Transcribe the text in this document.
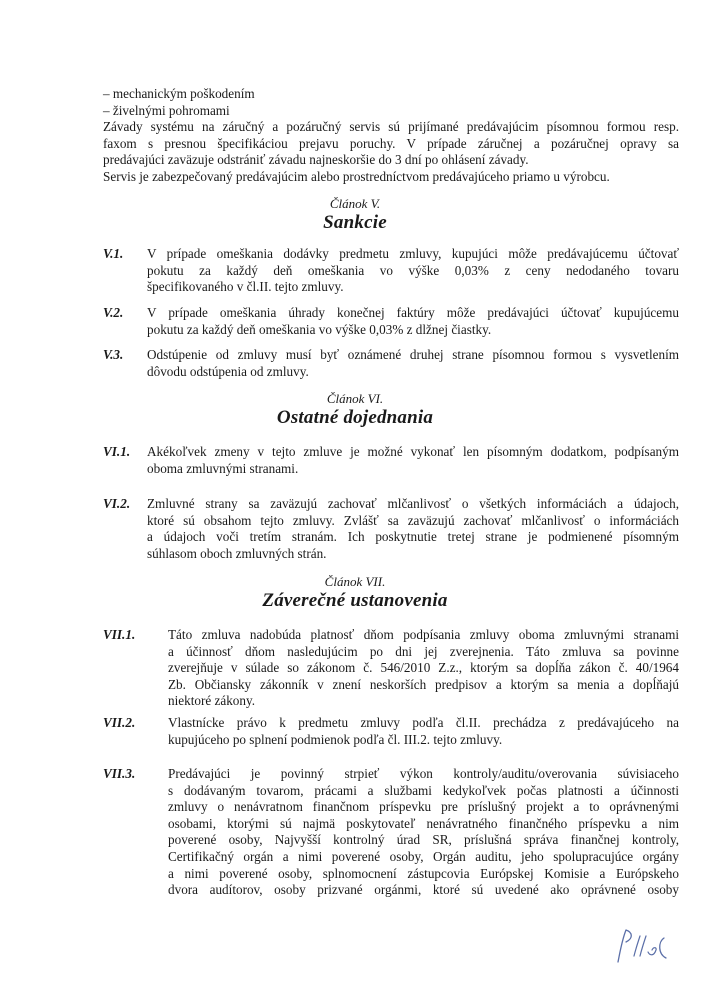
– mechanickým poškodením
– živelnými pohromami
Závady systému na záručný a pozáručný servis sú prijímané predávajúcim písomnou formou resp.
faxom s presnou špecifikáciou prejavu poruchy. V prípade záručnej a pozáručnej opravy sa
predávajúci zaväzuje odstrániť závadu najneskoršie do 3 dní po ohlásení závady.
Servis je zabezpečovaný predávajúcim alebo prostredníctvom predávajúceho priamo u výrobcu.
Článok V.
Sankcie
V.1. V prípade omeškania dodávky predmetu zmluvy, kupujúci môže predávajúcemu účtovať
pokutu za každý deň omeškania vo výške 0,03% z ceny nedodaného tovaru
špecifikovaného v čl.II. tejto zmluvy.
V.2. V prípade omeškania úhrady konečnej faktúry môže predávajúci účtovať kupujúcemu
pokutu za každý deň omeškania vo výške 0,03% z dlžnej čiastky.
V.3. Odstúpenie od zmluvy musí byť oznámené druhej strane písomnou formou s vysvetlením
dôvodu odstúpenia od zmluvy.
Článok VI.
Ostatné dojednania
VI.1. Akékoľvek zmeny v tejto zmluve je možné vykonať len písomným dodatkom, podpísaným
oboma zmluvnými stranami.
VI.2. Zmluvné strany sa zaväzujú zachovať mlčanlivosť o všetkých informáciách a údajoch,
ktoré sú obsahom tejto zmluvy. Zvlášť sa zaväzujú zachovať mlčanlivosť o informáciách
a údajoch voči tretím stranám. Ich poskytnutie tretej strane je podmienené písomným
súhlasom oboch zmluvných strán.
Článok VII.
Záverečné ustanovenia
VII.1. Táto zmluva nadobúda platnosť dňom podpísania zmluvy oboma zmluvnými stranami
a účinnosť dňom nasledujúcim po dni jej zverejnenia. Táto zmluva sa povinne
zverejňuje v súlade so zákonom č. 546/2010 Z.z., ktorým sa dopĺňa zákon č. 40/1964
Zb. Občiansky zákonník v znení neskorších predpisov a ktorým sa menia a dopĺňajú
niektoré zákony.
VII.2. Vlastnícke právo k predmetu zmluvy podľa čl.II. prechádza z predávajúceho na
kupujúceho po splnení podmienok podľa čl. III.2. tejto zmluvy.
VII.3. Predávajúci je povinný strpieť výkon kontroly/auditu/overovania súvisiaceho
s dodávaným tovarom, prácami a službami kedykoľvek počas platnosti a účinnosti
zmluvy o nenávratnom finančnom príspevku pre príslušný projekt a to oprávnenými
osobami, ktorými sú najmä poskytovateľ nenávratného finančného príspevku a nim
poverené osoby, Najvyšší kontrolný úrad SR, príslušná správa finančnej kontroly,
Certifikačný orgán a nimi poverené osoby, Orgán auditu, jeho spolupracujúce orgány
a nimi poverené osoby, splnomocnení zástupcovia Európskej Komisie a Európskeho
dvora audítorov, osoby prizvané orgánmi, ktoré sú uvedené ako oprávnené osoby
